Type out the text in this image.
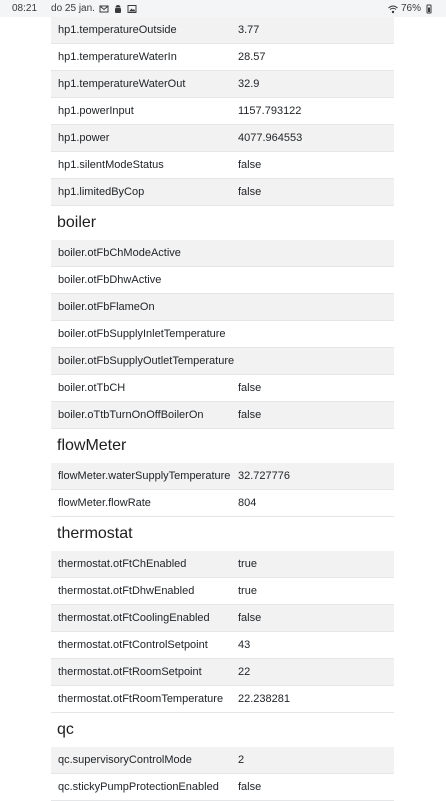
08:21 do 25 jan.	76%
hp1.temperatureOutside	3.77
hp1.temperatureWaterIn	28.57
hp1.temperatureWaterOut	32.9
hp1.powerInput	1157.793122
hp1.power	4077.964553
hp1.silentModeStatus	false
hp1.limitedByCop	false
boiler
boiler.otFbChModeActive
boiler.otFbDhwActive
boiler.otFbFlameOn
boiler.otFbSupplyInletTemperature
boiler.otFbSupplyOutletTemperature
boiler.otTbCH	false
boiler.oTtbTurnOnOffBoilerOn	false
flowMeter
flowMeter.waterSupplyTemperature 32.727776
flowMeter.flowRate	804
thermostat
thermostat.otFtChEnabled	true
thermostat.otFtDhwEnabled	true
thermostat.otFtCoolingEnabled	false
thermostat.otFtControlSetpoint	43
thermostat.otFtRoomSetpoint	22
thermostat.otFtRoomTemperature 22.238281
qc
qc.supervisoryControlMode	2
qc.stickyPumpProtectionEnabled false
